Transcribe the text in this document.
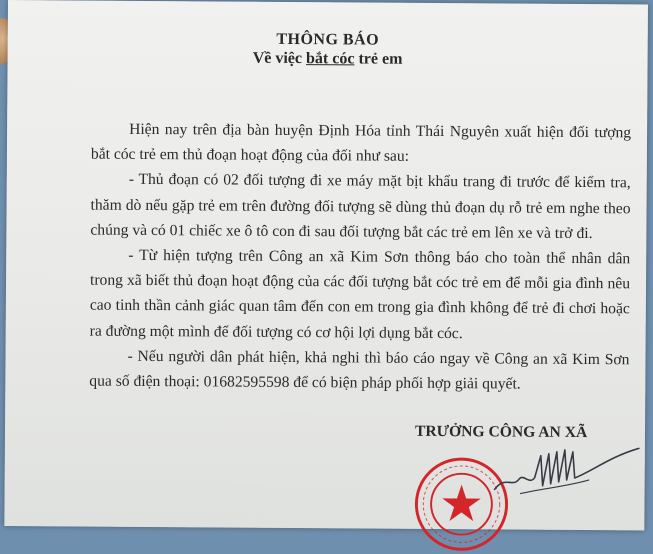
THÔNG BÁO
Về việc bắt cóc trẻ em

Hiện nay trên địa bàn huyện Định Hóa tỉnh Thái Nguyên xuất hiện đối tượng bắt cóc trẻ em thủ đoạn hoạt động của đối như sau:

- Thủ đoạn có 02 đối tượng đi xe máy mặt bịt khẩu trang đi trước để kiểm tra, thăm dò nếu gặp trẻ em trên đường đối tượng sẽ dùng thủ đoạn dụ rỗ trẻ em nghe theo chúng và có 01 chiếc xe ô tô con đi sau đối tượng bắt các trẻ em lên xe và trở đi.

- Từ hiện tượng trên Công an xã Kim Sơn thông báo cho toàn thể nhân dân trong xã biết thủ đoạn hoạt động của các đối tượng bắt cóc trẻ em để mỗi gia đình nêu cao tinh thần cảnh giác quan tâm đến con em trong gia đình không để trẻ đi chơi hoặc ra đường một mình để đối tượng có cơ hội lợi dụng bắt cóc.

- Nếu người dân phát hiện, khả nghi thì báo cáo ngay về Công an xã Kim Sơn qua số điện thoại: 01682595598 để có biện pháp phối hợp giải quyết.

TRƯỞNG CÔNG AN XÃ
